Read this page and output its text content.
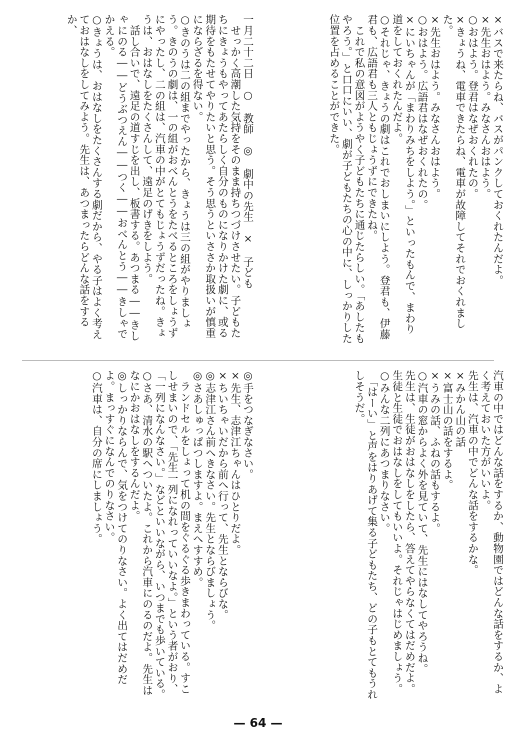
×バスで来たらね、バスがパンクしておくれたんだよ。
×先生おはよう。みなさんおはよう。
○おはよう。登君はなぜおくれたの。
×きょうね、電車できたらね、電車が故障してそれでおくれました。
×先生おはよう。みなさんおはよう。
○おはよう。広語君はなぜおくれたの。
×にいちゃんが「まわりみちをしよう。」といったもんで、まわり道をしておくれたんだよ。
○それじゃ、きょうの劇はこれでおしまいにしよう。登君も、伊藤君も、広語君も三人ともじょうずにできたね。
　これで私の意図がようやく子どもたちに通じたらしい。「あしたもやろう。」と口口にいい、劇が子どもたちの心の中に、しっかりした位置を占めることができた。
一月二十二日　○　教師　◎　劇中の先生　×　子ども
　せっかく高潮した気持をそのまま持ちつづけさせたい。子どもたちにきょうもやってあたらしく自分のものになりかけた劇に、或る期待をもたせてやりたいと思う。そう思うといささか取扱いが慎重にならざるを得ない。
○きのうは二の組までやったから、きょうは三の組がやりましょう。きのうの劇は、一の組がおべんとうをたべるところをしょうずにやったし、二の組は、汽車の中がとてもじょうずだったね。きょうは、おはなしをたくさんして、遠足のげきをしよう。
　話し合いで、遠足の道すじを出し、板書する。あつまる――きしゃにのる――どうぶつえん――つく――おべんとう――きしゃでかえる。
○きょうは、おはなしをたくさんする劇だから、やる子はよく考えておはなしをしてみよう。先生は、あつまったらどんな話をするか、
汽車の中ではどんな話をするか、動物園ではどんな話をするか、よく考えておいた方がいいよ。
先生は、汽車の中でどんな話をするかな。
×みかん山の話
×富士山の話をするよ。
×うみの話、ふねの話もするよ。
○汽車の窓からよく外を見ていて、先生にはなしてやろうね。
先生は、生徒がおはなしをしたら、答えてやらなくてはだめだよ。生徒と生徒でおはなしをしてもいいよ。それじゃはじめましょう。
○みんな二列にあつまりなさい。
　「はーい」と声をはりあげて集る子どもたち、どの子もとてもうれしそうだ。
◎手をつなぎなさい。
×先生、志津江ちゃんはひとりだよ。
×ちいちゃいだから前へ行って、先生とならびな。
◎志津江さん前へきなさい。先生とならびましょう。
◎さあしゅっぱつしますよ。まえへすすめ。
　ランドセルをしょって机の間をぐるぐる歩きまわっている。すこしせまいので、「先生一列になれっていいなよ。」という者がおり、「一列になんなさい。」などといいながら、いつまでも歩いている。
○さあ、清水の駅へついたよ。これから汽車にのるのだよ。先生はなにかおはなしをするんだよ。
◎しっかりならんで、気をつけてのりなさい。よく出てはだめだよ。まっすぐになんでのりなさい。
○汽車は、自分の席にしましょう。
— 64 —
